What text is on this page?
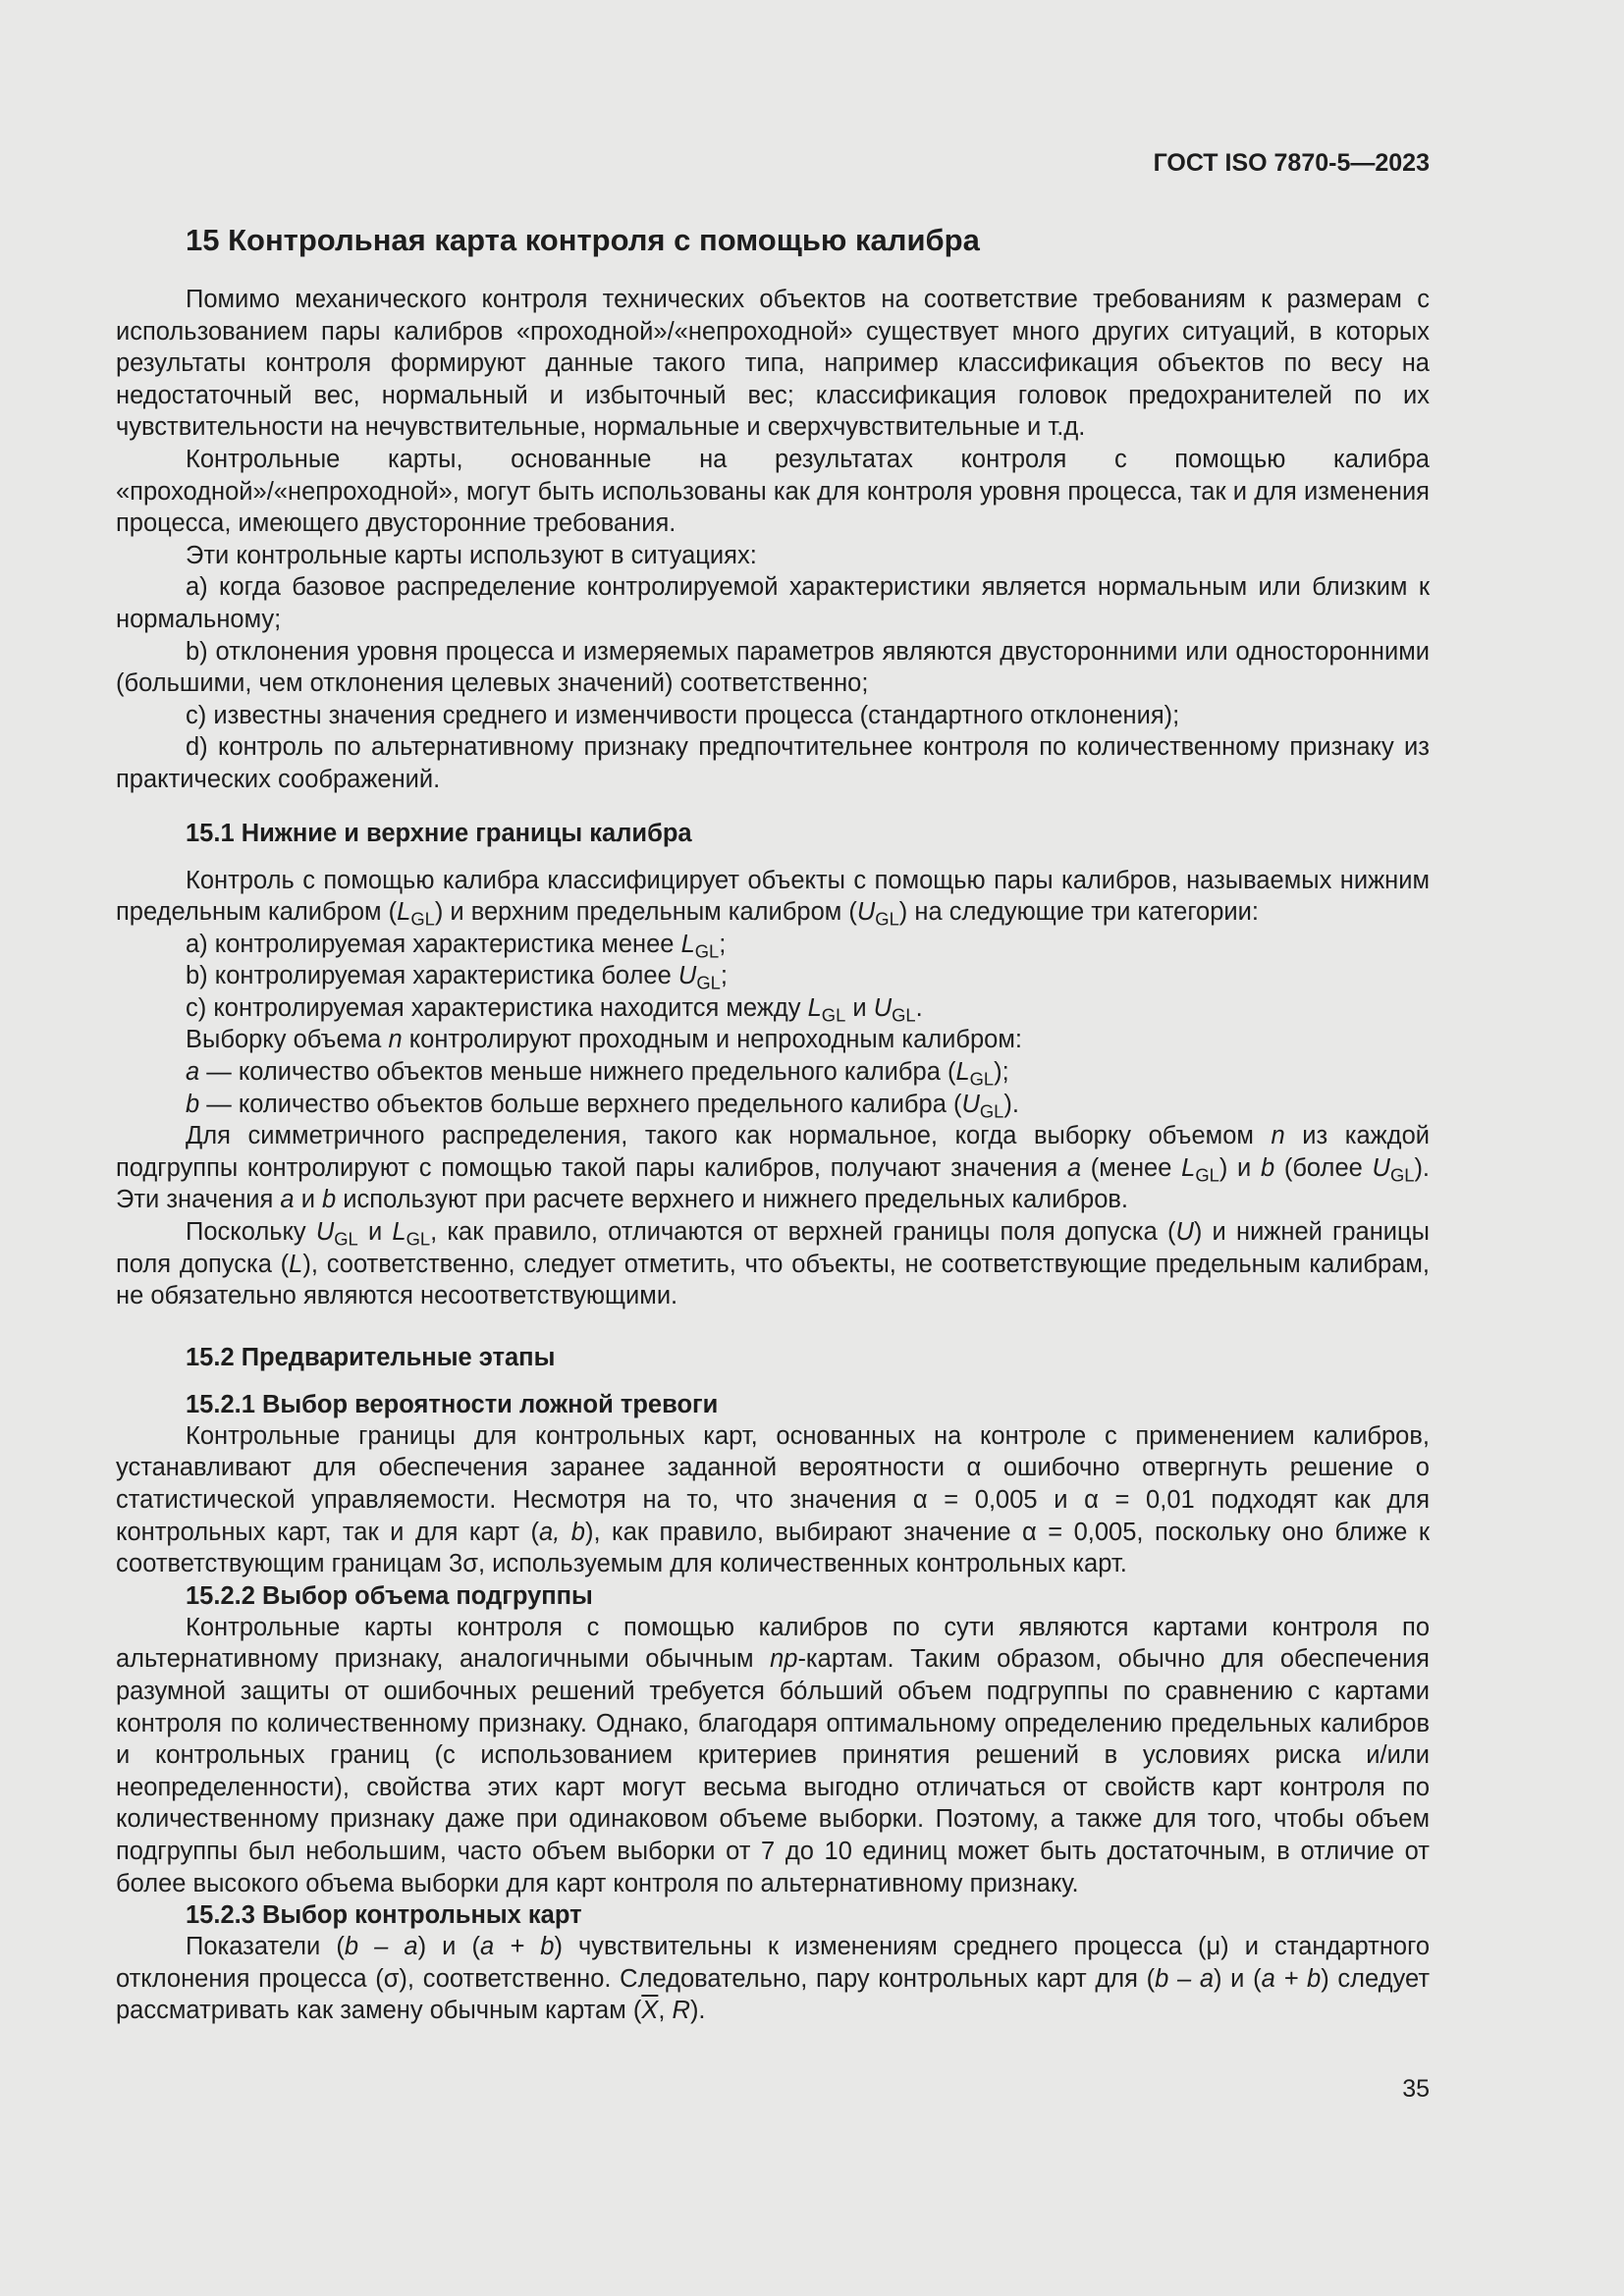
ГОСТ ISO 7870-5—2023
15 Контрольная карта контроля с помощью калибра

Помимо механического контроля технических объектов на соответствие требованиям к размерам с использованием пары калибров «проходной»/«непроходной» существует много других ситуаций, в которых результаты контроля формируют данные такого типа, например классификация объектов по весу на недостаточный вес, нормальный и избыточный вес; классификация головок предохранителей по их чувствительности на нечувствительные, нормальные и сверхчувствительные и т.д.

Контрольные карты, основанные на результатах контроля с помощью калибра «проходной»/«непроходной», могут быть использованы как для контроля уровня процесса, так и для изменения процесса, имеющего двусторонние требования.

Эти контрольные карты используют в ситуациях:

a) когда базовое распределение контролируемой характеристики является нормальным или близким к нормальному;

b) отклонения уровня процесса и измеряемых параметров являются двусторонними или односторонними (большими, чем отклонения целевых значений) соответственно;

c) известны значения среднего и изменчивости процесса (стандартного отклонения);

d) контроль по альтернативному признаку предпочтительнее контроля по количественному признаку из практических соображений.

15.1 Нижние и верхние границы калибра

Контроль с помощью калибра классифицирует объекты с помощью пары калибров, называемых нижним предельным калибром $(L_{GL})$ и верхним предельным калибром $(U_{GL})$ на следующие три категории:

a) контролируемая характеристика менее $L_{GL}$;

b) контролируемая характеристика более $U_{GL}$;

c) контролируемая характеристика находится между $L_{GL}$ и $U_{GL}$.

Выборку объема n контролируют проходным и непроходным калибром:

a — количество объектов меньше нижнего предельного калибра $(L_{GL})$;

b — количество объектов больше верхнего предельного калибра $(U_{GL})$.

Для симметричного распределения, такого как нормальное, когда выборку объемом n из каждой подгруппы контролируют с помощью такой пары калибров, получают значения a (менее $L_{GL}$) и b (более $U_{GL}$). Эти значения a и b используют при расчете верхнего и нижнего предельных калибров.

Поскольку $U_{GL}$ и $L_{GL}$, как правило, отличаются от верхней границы поля допуска (U) и нижней границы поля допуска (L), соответственно, следует отметить, что объекты, не соответствующие предельным калибрам, не обязательно являются несоответствующими.

15.2 Предварительные этапы
15.2.1 Выбор вероятности ложной тревоги

Контрольные границы для контрольных карт, основанных на контроле с применением калибров, устанавливают для обеспечения заранее заданной вероятности α ошибочно отвергнуть решение о статистической управляемости. Несмотря на то, что значения α = 0,005 и α = 0,01 подходят как для контрольных карт, так и для карт (a, b), как правило, выбирают значение α = 0,005, поскольку оно ближе к соответствующим границам 3σ, используемым для количественных контрольных карт.

15.2.2 Выбор объема подгруппы

Контрольные карты контроля с помощью калибров по сути являются картами контроля по альтернативному признаку, аналогичными обычным np-картам. Таким образом, обычно для обеспечения разумной защиты от ошибочных решений требуется бо́льший объем подгруппы по сравнению с картами контроля по количественному признаку. Однако, благодаря оптимальному определению предельных калибров и контрольных границ (с использованием критериев принятия решений в условиях риска и/или неопределенности), свойства этих карт могут весьма выгодно отличаться от свойств карт контроля по количественному признаку даже при одинаковом объеме выборки. Поэтому, а также для того, чтобы объем подгруппы был небольшим, часто объем выборки от 7 до 10 единиц может быть достаточным, в отличие от более высокого объема выборки для карт контроля по альтернативному признаку.

15.2.3 Выбор контрольных карт

Показатели (b – a) и (a + b) чувствительны к изменениям среднего процесса (μ) и стандартного отклонения процесса (σ), соответственно. Следовательно, пару контрольных карт для (b – a) и (a + b) следует рассматривать как замену обычным картам ($\overline{X}$, R).

35
